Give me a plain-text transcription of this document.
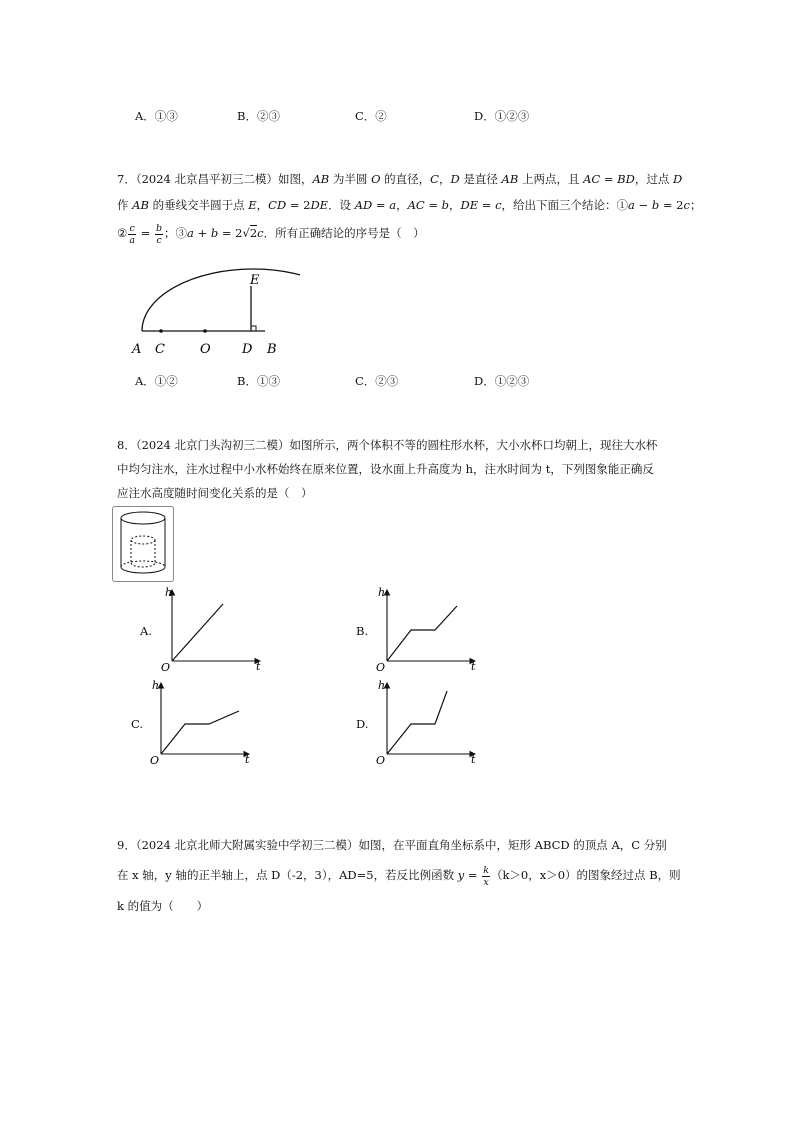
A．①③	B．②③	C．②	D．①②③
7．（2024 北京昌平初三二模）如图，AB 为半圆 O 的直径，C，D 是直径 AB 上两点，且 AC = BD，过点 D
作 AB 的垂线交半圆于点 E，CD = 2DE．设 AD = a，AC = b，DE = c，给出下面三个结论：①a − b = 2c；
② $\frac{c}{a} = \frac{b}{c}$ ；③a + b = 2√2c．所有正确结论的序号是（　）
A C	O D B
E
A．①②	B．①③	C．②③	D．①②③
8．（2024 北京门头沟初三二模）如图所示，两个体积不等的圆柱形水杯，大小水杯口均朝上，现往大水杯
中均匀注水，注水过程中小水杯始终在原来位置，设水面上升高度为 h，注水时间为 t，下列图象能正确反
应注水高度随时间变化关系的是（　）
A.
h
t
O
B.
h
t
O
C.
h
t
O
D.
h
t
O
9．（2024 北京北师大附属实验中学初三二模）如图，在平面直角坐标系中，矩形 ABCD 的顶点 A，C 分别
在 x 轴，y 轴的正半轴上，点 D（-2，3），AD=5，若反比例函数 $y = \frac{k}{x} (k>0$，x＞0）的图象经过点 B，则
k 的值为（　　）
